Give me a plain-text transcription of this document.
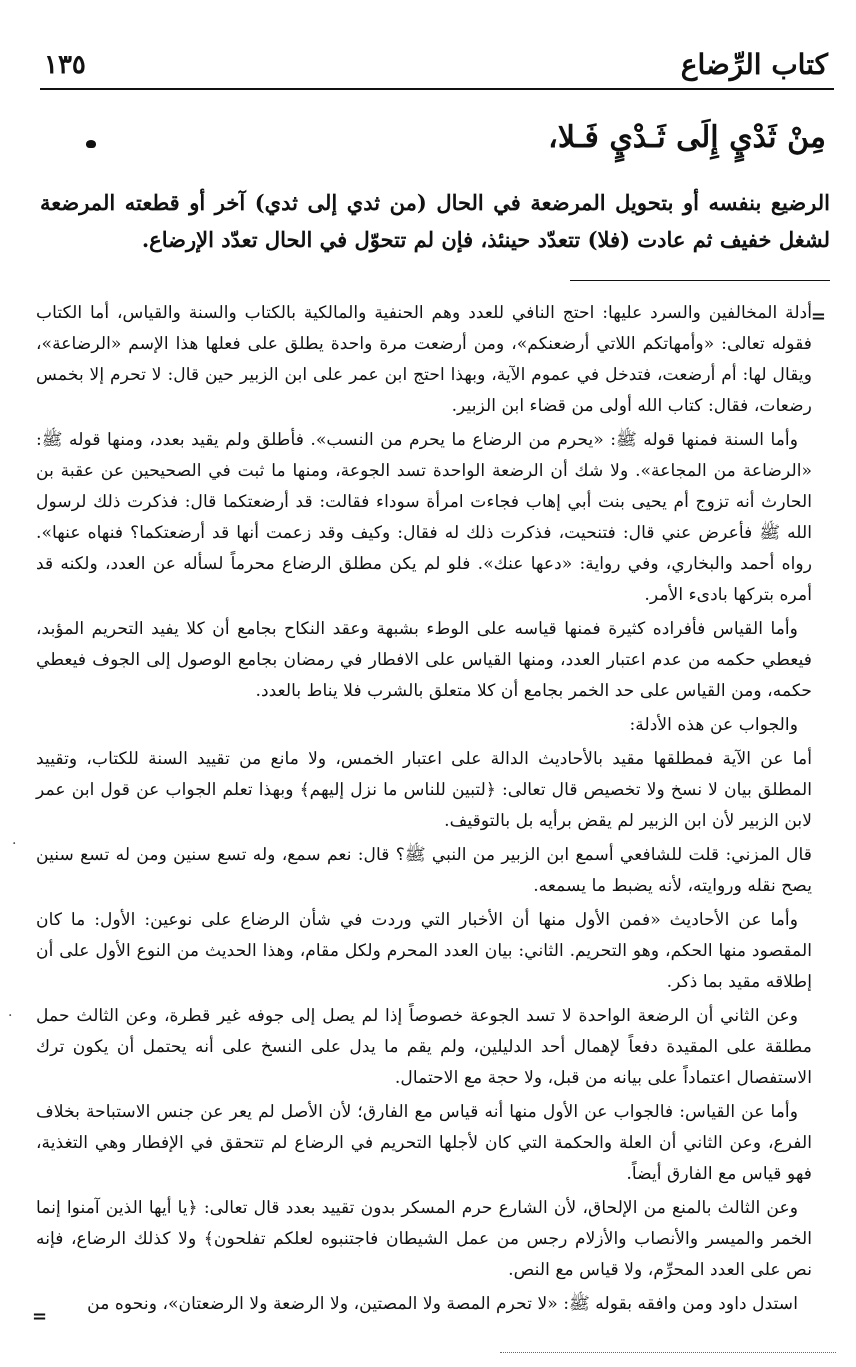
كتاب الرِّضاع
١٣٥
مِنْ ثَدْيٍ إِلَى ثَـدْيٍ فَـلا،

الرضيع بنفسه أو بتحويل المرضعة في الحال (من ثدي إلى ثدي) آخر أو قطعته المرضعة لشغل خفيف ثم عادت (فلا) تتعدّد حينئذ، فإن لم تتحوّل في الحال تعدّد الإرضاع.

=

أدلة المخالفين والسرد عليها: احتج النافي للعدد وهم الحنفية والمالكية بالكتاب والسنة والقياس، أما الكتاب فقوله تعالى: «وأمهاتكم اللاتي أرضعنكم»، ومن أرضعت مرة واحدة يطلق على فعلها هذا الإسم «الرضاعة»، ويقال لها: أم أرضعت، فتدخل في عموم الآية، وبهذا احتج ابن عمر على ابن الزبير حين قال: لا تحرم إلا بخمس رضعات، فقال: كتاب الله أولى من قضاء ابن الزبير.

وأما السنة فمنها قوله ﷺ: «يحرم من الرضاع ما يحرم من النسب». فأطلق ولم يقيد بعدد، ومنها قوله ﷺ: «الرضاعة من المجاعة». ولا شك أن الرضعة الواحدة تسد الجوعة، ومنها ما ثبت في الصحيحين عن عقبة بن الحارث أنه تزوج أم يحيى بنت أبي إهاب فجاءت امرأة سوداء فقالت: قد أرضعتكما قال: فذكرت ذلك لرسول الله ﷺ فأعرض عني قال: فتنحيت، فذكرت ذلك له فقال: وكيف وقد زعمت أنها قد أرضعتكما؟ فنهاه عنها». رواه أحمد والبخاري، وفي رواية: «دعها عنك». فلو لم يكن مطلق الرضاع محرماً لسأله عن العدد، ولكنه قد أمره بتركها بادىء الأمر.

وأما القياس فأفراده كثيرة فمنها قياسه على الوطء بشبهة وعقد النكاح بجامع أن كلا يفيد التحريم المؤبد، فيعطي حكمه من عدم اعتبار العدد، ومنها القياس على الافطار في رمضان بجامع الوصول إلى الجوف فيعطي حكمه، ومن القياس على حد الخمر بجامع أن كلا متعلق بالشرب فلا يناط بالعدد.

والجواب عن هذه الأدلة:

أما عن الآية فمطلقها مقيد بالأحاديث الدالة على اعتبار الخمس، ولا مانع من تقييد السنة للكتاب، وتقييد المطلق بيان لا نسخ ولا تخصيص قال تعالى: ﴿لتبين للناس ما نزل إليهم﴾ وبهذا تعلم الجواب عن قول ابن عمر لابن الزبير لأن ابن الزبير لم يقض برأيه بل بالتوقيف.

قال المزني: قلت للشافعي أسمع ابن الزبير من النبي ﷺ؟ قال: نعم سمع، وله تسع سنين ومن له تسع سنين يصح نقله وروايته، لأنه يضبط ما يسمعه.

وأما عن الأحاديث «فمن الأول منها أن الأخبار التي وردت في شأن الرضاع على نوعين: الأول: ما كان المقصود منها الحكم، وهو التحريم. الثاني: بيان العدد المحرم ولكل مقام، وهذا الحديث من النوع الأول على أن إطلاقه مقيد بما ذكر.

وعن الثاني أن الرضعة الواحدة لا تسد الجوعة خصوصاً إذا لم يصل إلى جوفه غير قطرة، وعن الثالث حمل مطلقة على المقيدة دفعاً لإهمال أحد الدليلين، ولم يقم ما يدل على النسخ على أنه يحتمل أن يكون ترك الاستفصال اعتماداً على بيانه من قبل، ولا حجة مع الاحتمال.

وأما عن القياس: فالجواب عن الأول منها أنه قياس مع الفارق؛ لأن الأصل لم يعر عن جنس الاستباحة بخلاف الفرع، وعن الثاني أن العلة والحكمة التي كان لأجلها التحريم في الرضاع لم تتحقق في الإفطار وهي التغذية، فهو قياس مع الفارق أيضاً.

وعن الثالث بالمنع من الإلحاق، لأن الشارع حرم المسكر بدون تقييد بعدد قال تعالى: ﴿يا أيها الذين آمنوا إنما الخمر والميسر والأنصاب والأزلام رجس من عمل الشيطان فاجتنبوه لعلكم تفلحون﴾ ولا كذلك الرضاع، فإنه نص على العدد المحرِّم، ولا قياس مع النص.

استدل داود ومن وافقه بقوله ﷺ: «لا تحرم المصة ولا المصتين، ولا الرضعة ولا الرضعتان»، ونحوه من

=
·
·
